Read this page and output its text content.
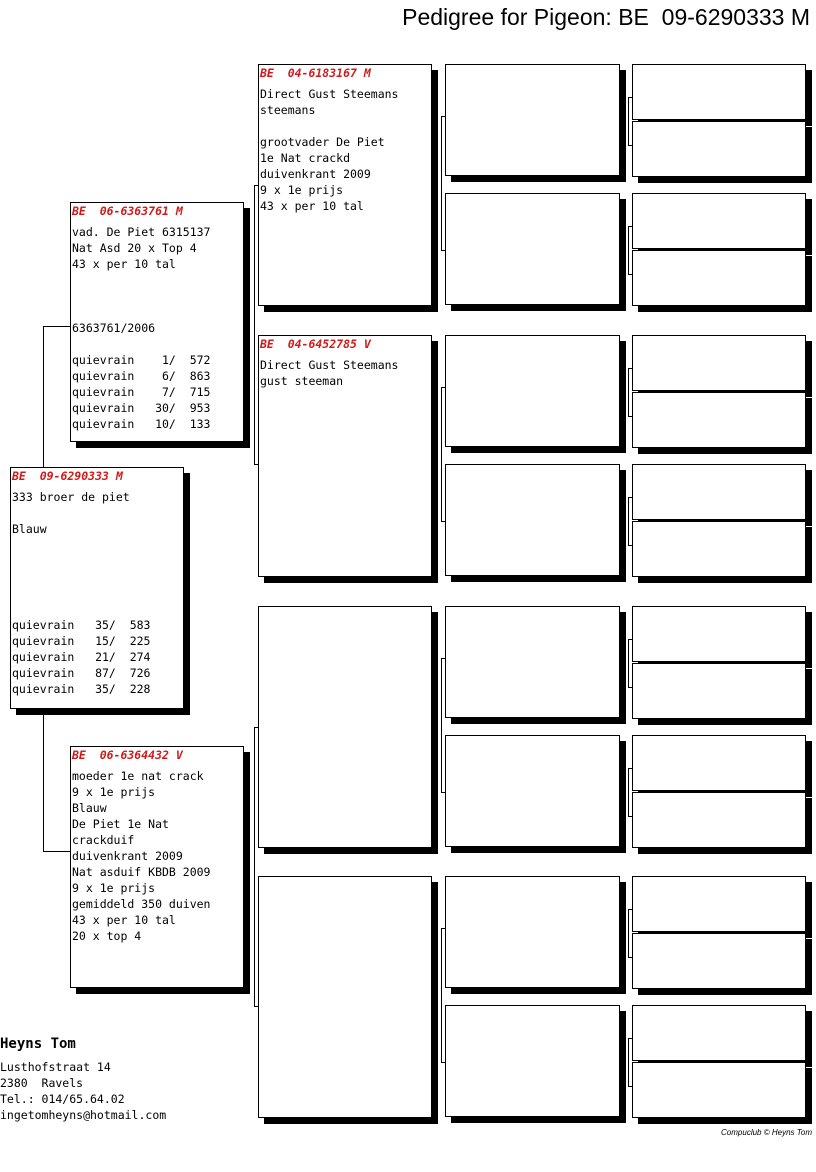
Pedigree for Pigeon: BE  09-6290333 M
BE  09-6290333 M
333 broer de piet

Blauw

quievrain   35/  583
quievrain   15/  225
quievrain   21/  274
quievrain   87/  726
quievrain   35/  228
BE  06-6363761 M
vad. De Piet 6315137
Nat Asd 20 x Top 4
43 x per 10 tal

6363761/2006

quievrain    1/  572
quievrain    6/  863
quievrain    7/  715
quievrain   30/  953
quievrain   10/  133
BE  06-6364432 V
moeder 1e nat crack
9 x 1e prijs
Blauw
De Piet 1e Nat
crackduif
duivenkrant 2009
Nat asduif KBDB 2009
9 x 1e prijs
gemiddeld 350 duiven
43 x per 10 tal
20 x top 4
BE  04-6183167 M
Direct Gust Steemans
steemans

grootvader De Piet
1e Nat crackd
duivenkrant 2009
9 x 1e prijs
43 x per 10 tal
BE  04-6452785 V
Direct Gust Steemans
gust steeman
Heyns Tom
Lusthofstraat 14
2380  Ravels
Tel.: 014/65.64.02
ingetomheyns@hotmail.com
Compuclub © Heyns Tom
